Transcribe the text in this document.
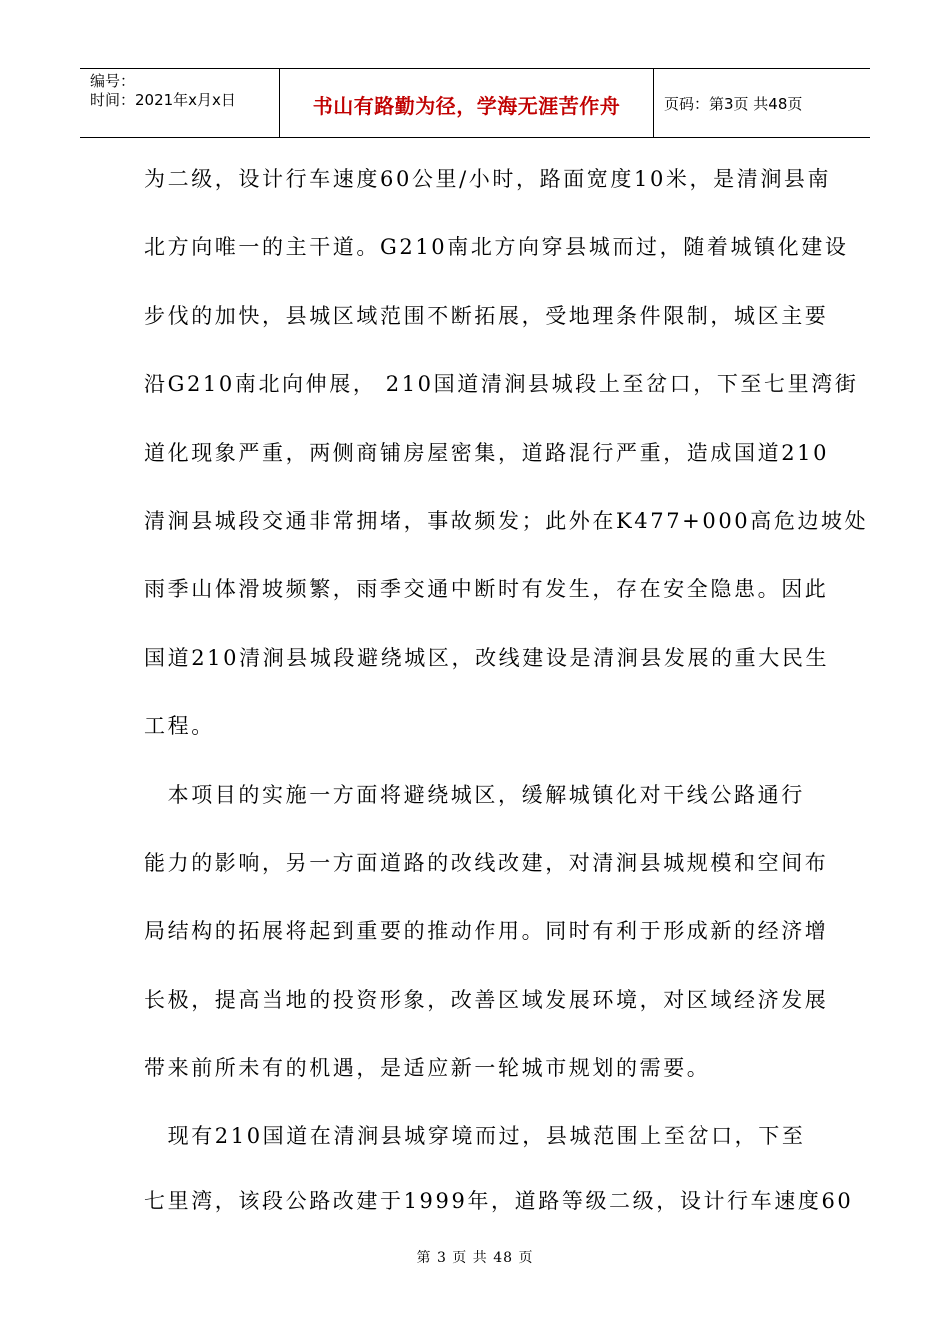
编号：
时间：2021年x月x日	书山有路勤为径，学海无涯苦作舟	页码：第3页 共48页
为二级，设计行车速度60公里/小时，路面宽度10米，是清涧县南
北方向唯一的主干道。G210南北方向穿县城而过，随着城镇化建设
步伐的加快，县城区域范围不断拓展，受地理条件限制，城区主要
沿G210南北向伸展， 210国道清涧县城段上至岔口，下至七里湾街
道化现象严重，两侧商铺房屋密集，道路混行严重，造成国道210
清涧县城段交通非常拥堵，事故频发；此外在K477+000高危边坡处
雨季山体滑坡频繁，雨季交通中断时有发生，存在安全隐患。因此
国道210清涧县城段避绕城区，改线建设是清涧县发展的重大民生
工程。
　本项目的实施一方面将避绕城区，缓解城镇化对干线公路通行
能力的影响，另一方面道路的改线改建，对清涧县城规模和空间布
局结构的拓展将起到重要的推动作用。同时有利于形成新的经济增
长极，提高当地的投资形象，改善区域发展环境，对区域经济发展
带来前所未有的机遇，是适应新一轮城市规划的需要。
　现有210国道在清涧县城穿境而过，县城范围上至岔口，下至
七里湾，该段公路改建于1999年，道路等级二级，设计行车速度60
第 3 页 共 48 页
